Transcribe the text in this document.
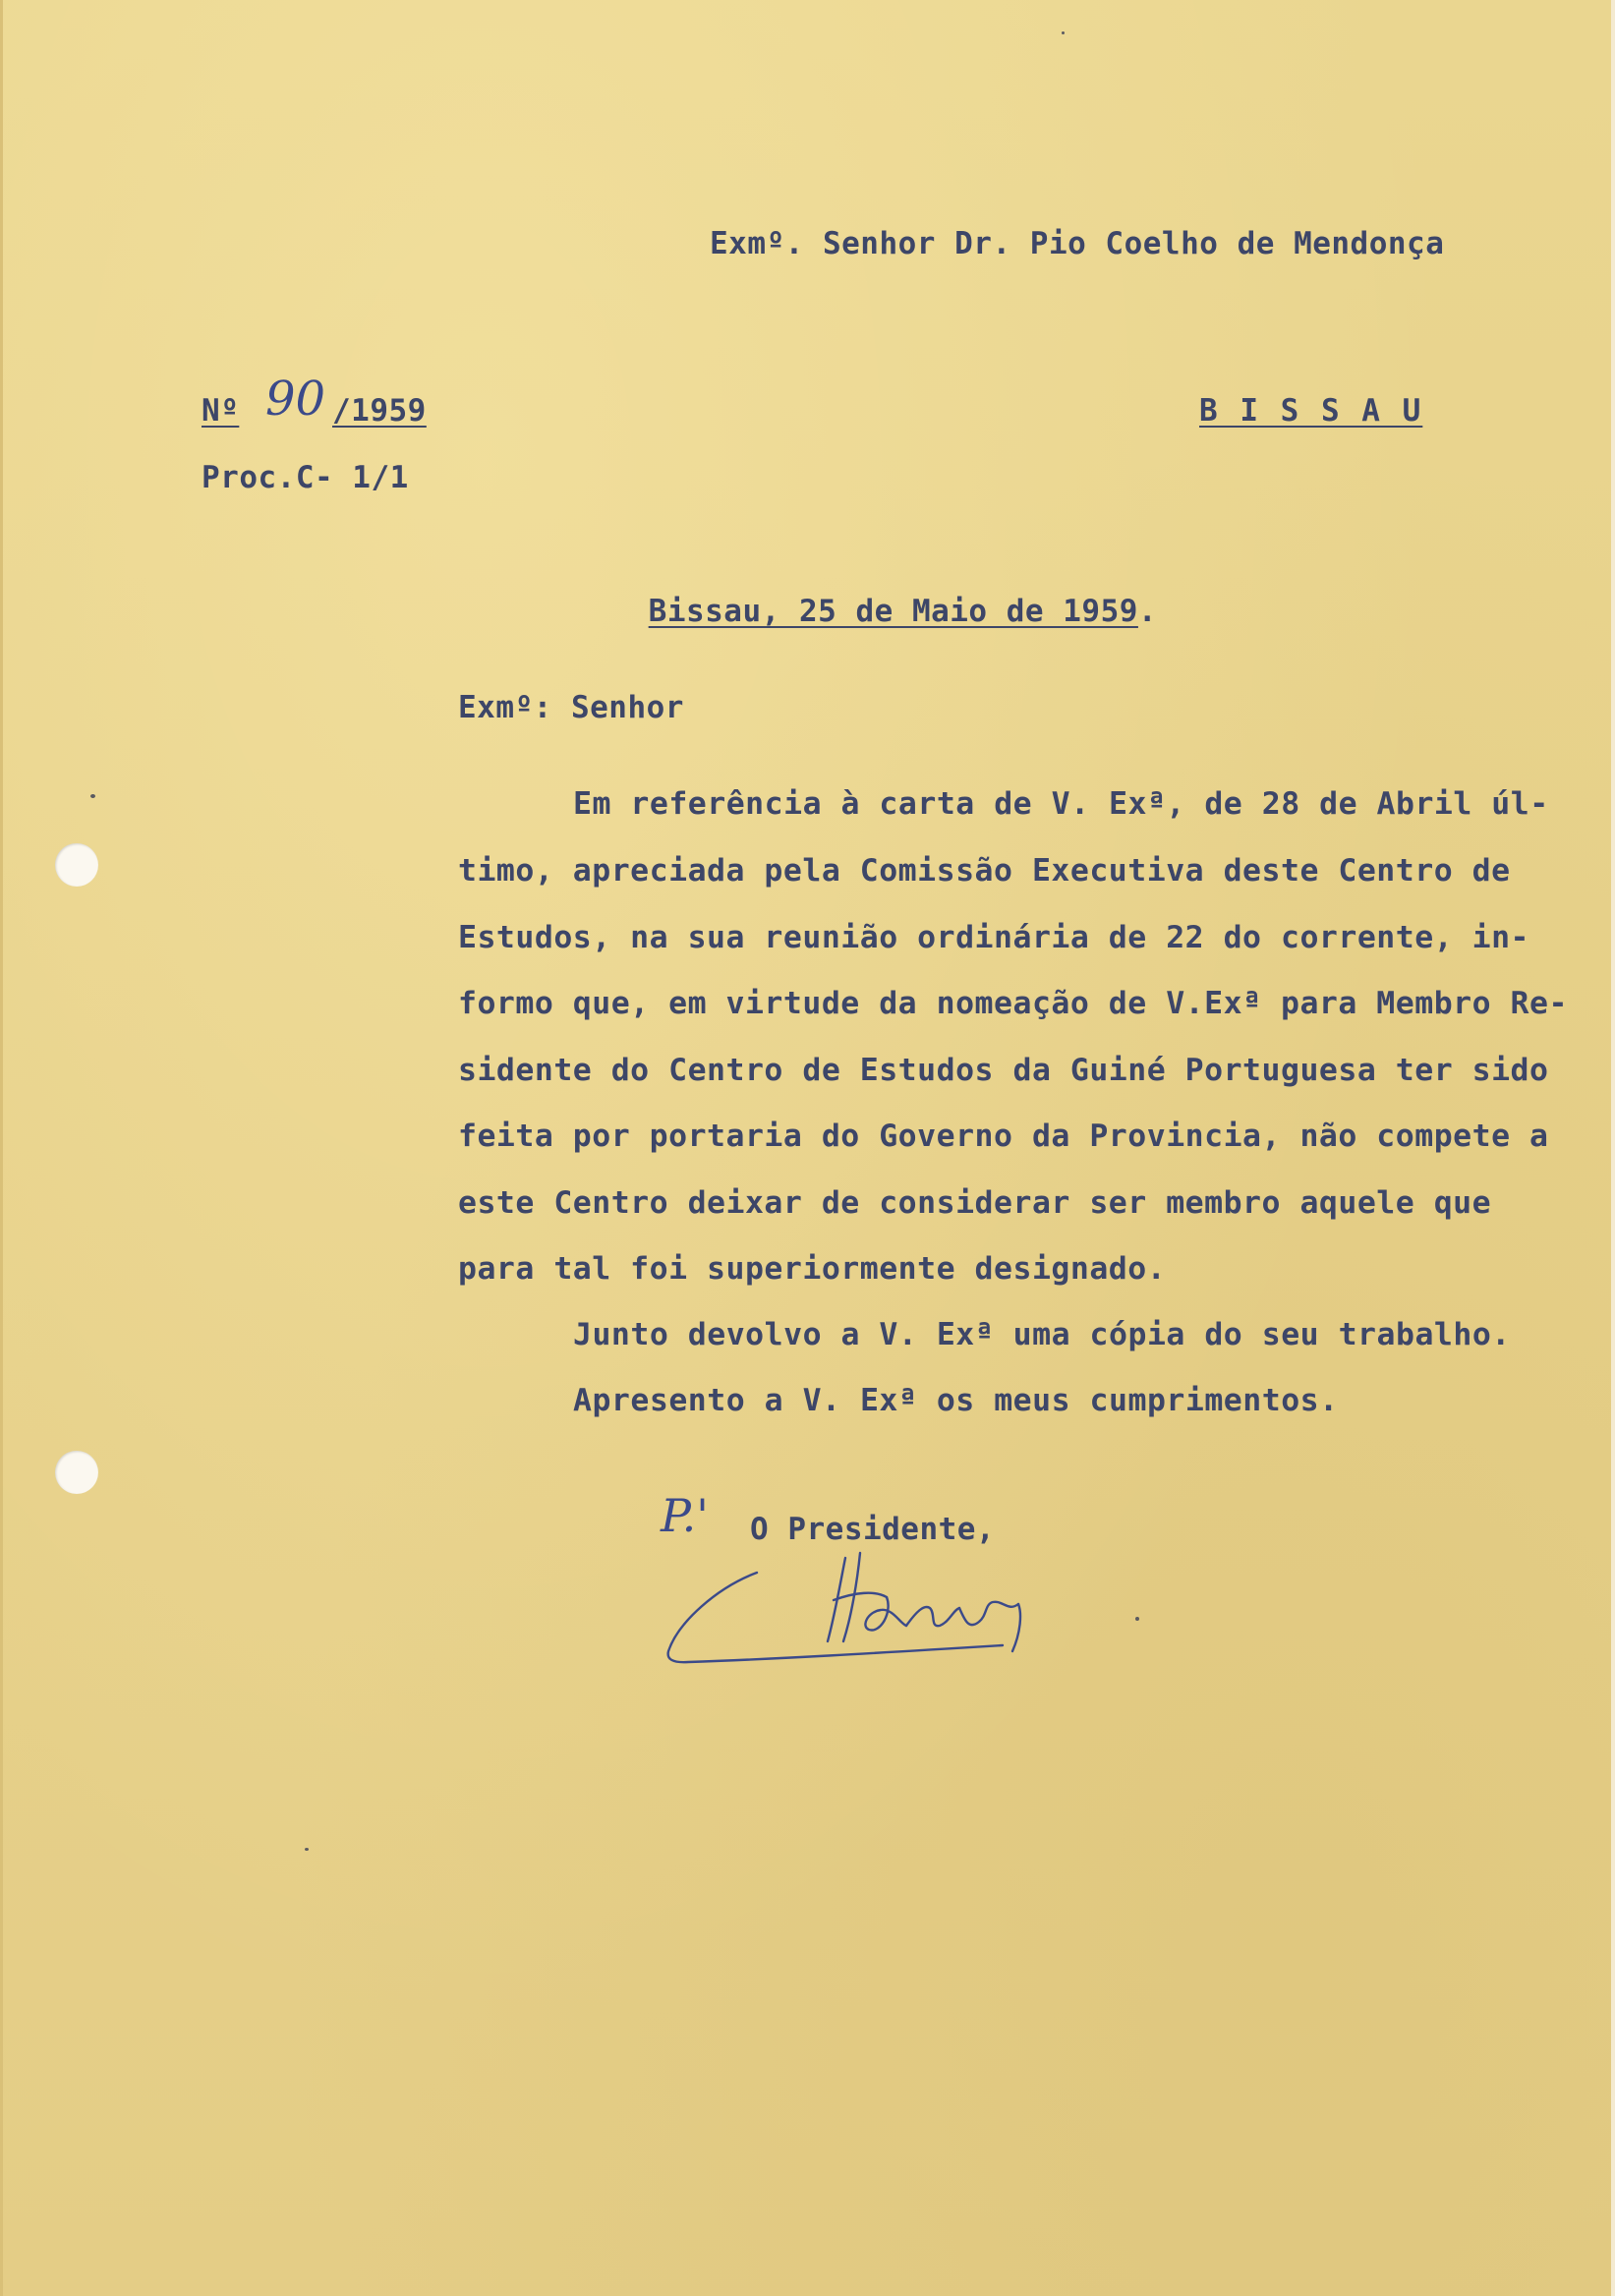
Exmº. Senhor Dr. Pio Coelho de Mendonça
Nº 90 /1959	B I S S A U
Proc.C- 1/1

Bissau, 25 de Maio de 1959.

Exmº: Senhor
Em referência à carta de V. Exª, de 28 de Abril úl-
timo, apreciada pela Comissão Executiva deste Centro de
Estudos, na sua reunião ordinária de 22 do corrente, in-
formo que, em virtude da nomeação de V.Exª para Membro Re-
sidente do Centro de Estudos da Guiné Portuguesa ter sido
feita por portaria do Governo da Provincia, não compete a
este Centro deixar de considerar ser membro aquele que
para tal foi superiormente designado.
Junto devolvo a V. Exª uma cópia do seu trabalho.
Apresento a V. Exª os meus cumprimentos.
P.' O Presidente,
